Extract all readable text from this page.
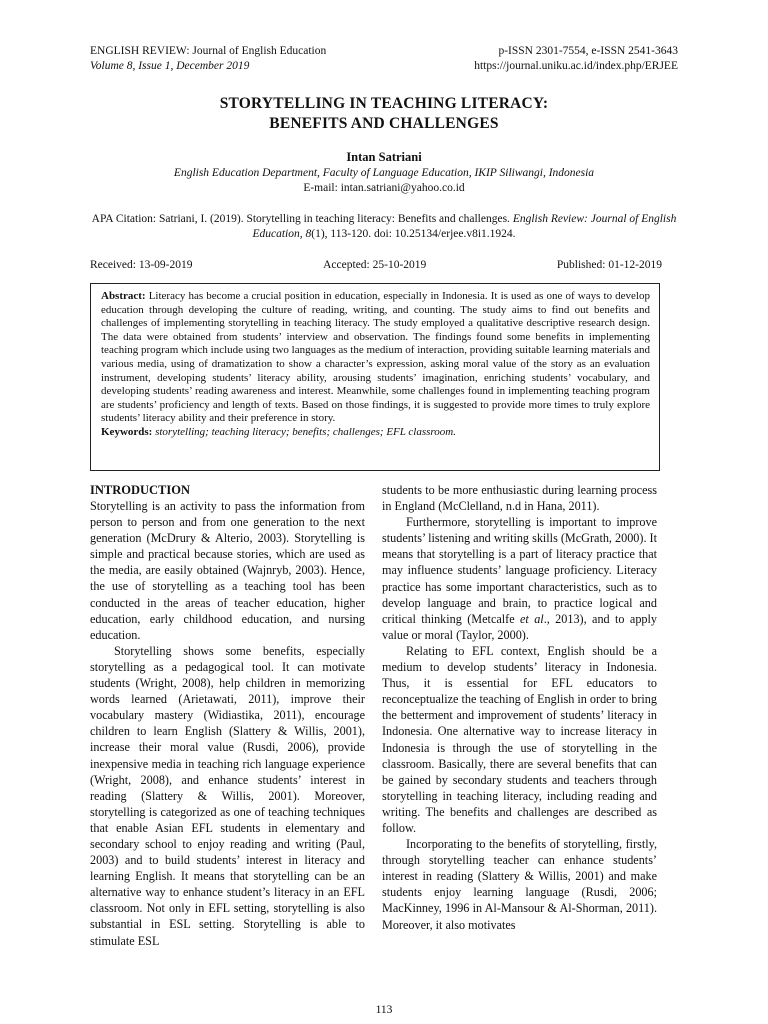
ENGLISH REVIEW: Journal of English Education
Volume 8, Issue 1, December 2019
p-ISSN 2301-7554, e-ISSN 2541-3643
https://journal.uniku.ac.id/index.php/ERJEE
STORYTELLING IN TEACHING LITERACY:
BENEFITS AND CHALLENGES
Intan Satriani
English Education Department, Faculty of Language Education, IKIP Siliwangi, Indonesia
E-mail: intan.satriani@yahoo.co.id
APA Citation: Satriani, I. (2019). Storytelling in teaching literacy: Benefits and challenges. English Review: Journal of English Education, 8(1), 113-120. doi: 10.25134/erjee.v8i1.1924.
Received: 13-09-2019	Accepted: 25-10-2019	Published: 01-12-2019
Abstract: Literacy has become a crucial position in education, especially in Indonesia. It is used as one of ways to develop education through developing the culture of reading, writing, and counting. The study aims to find out benefits and challenges of implementing storytelling in teaching literacy. The study employed a qualitative descriptive research design. The data were obtained from students’ interview and observation. The findings found some benefits in implementing teaching program which include using two languages as the medium of interaction, providing suitable learning materials and various media, using of dramatization to show a character’s expression, asking moral value of the story as an evaluation instrument, developing students’ literacy ability, arousing students’ imagination, enriching students’ vocabulary, and developing students’ reading awareness and interest. Meanwhile, some challenges found in implementing teaching program are students’ proficiency and length of texts. Based on those findings, it is suggested to provide more times to truly explore students’ literacy ability and their preference in story.
Keywords: storytelling; teaching literacy; benefits; challenges; EFL classroom.
INTRODUCTION

Storytelling is an activity to pass the information from person to person and from one generation to the next generation (McDrury & Alterio, 2003). Storytelling is simple and practical because stories, which are used as the media, are easily obtained (Wajnryb, 2003). Hence, the use of storytelling as a teaching tool has been conducted in the areas of teacher education, higher education, early childhood education, and nursing education.

Storytelling shows some benefits, especially storytelling as a pedagogical tool. It can motivate students (Wright, 2008), help children in memorizing words learned (Arietawati, 2011), improve their vocabulary mastery (Widiastika, 2011), encourage children to learn English (Slattery & Willis, 2001), increase their moral value (Rusdi, 2006), provide inexpensive media in teaching rich language experience (Wright, 2008), and enhance students’ interest in reading (Slattery & Willis, 2001). Moreover, storytelling is categorized as one of teaching techniques that enable Asian EFL students in elementary and secondary school to enjoy reading and writing (Paul, 2003) and to build students’ interest in literacy and learning English. It means that storytelling can be an alternative way to enhance student’s literacy in an EFL classroom. Not only in EFL setting, storytelling is also substantial in ESL setting. Storytelling is able to stimulate ESL

students to be more enthusiastic during learning process in England (McClelland, n.d in Hana, 2011).

Furthermore, storytelling is important to improve students’ listening and writing skills (McGrath, 2000). It means that storytelling is a part of literacy practice that may influence students’ language proficiency. Literacy practice has some important characteristics, such as to develop language and brain, to practice logical and critical thinking (Metcalfe et al., 2013), and to apply value or moral (Taylor, 2000).

Relating to EFL context, English should be a medium to develop students’ literacy in Indonesia. Thus, it is essential for EFL educators to reconceptualize the teaching of English in order to bring the betterment and improvement of students’ literacy in Indonesia. One alternative way to increase literacy in Indonesia is through the use of storytelling in the classroom. Basically, there are several benefits that can be gained by secondary students and teachers through storytelling in teaching literacy, including reading and writing. The benefits and challenges are described as follow.

Incorporating to the benefits of storytelling, firstly, through storytelling teacher can enhance students’ interest in reading (Slattery & Willis, 2001) and make students enjoy learning language (Rusdi, 2006; MacKinney, 1996 in Al-Mansour & Al-Shorman, 2011). Moreover, it also motivates

113
